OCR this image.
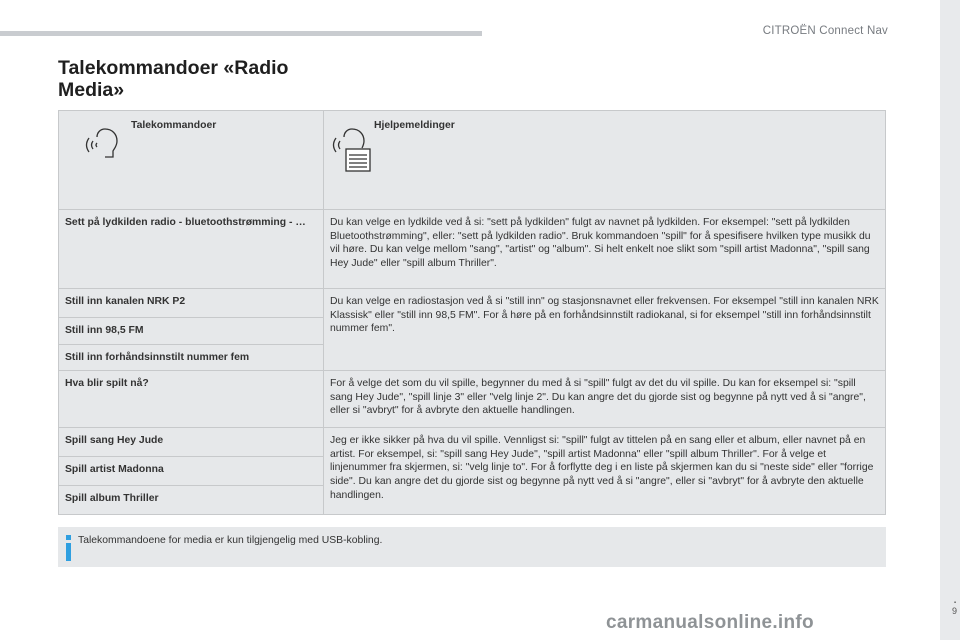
CITROËN Connect Nav
Talekommandoer «Radio Media»
Talekommandoer	Hjelpemeldinger

Sett på lydkilden radio - bluetoothstrømming - …	Du kan velge en lydkilde ved å si: "sett på lydkilden" fulgt av navnet på lydkilden. For eksempel: "sett på lydkilden Bluetoothstrømming", eller: "sett på lydkilden radio". Bruk kommandoen "spill" for å spesifisere hvilken type musikk du vil høre. Du kan velge mellom "sang", "artist" og "album". Si helt enkelt noe slikt som "spill artist Madonna", "spill sang Hey Jude" eller "spill album Thriller".
Still inn kanalen NRK P2	Du kan velge en radiostasjon ved å si "still inn" og stasjonsnavnet eller frekvensen. For eksempel "still inn kanalen NRK Klassisk" eller "still inn 98,5 FM". For å høre på en forhåndsinnstilt radiokanal, si for eksempel "still inn forhåndsinnstilt nummer fem".
Still inn 98,5 FM	
Still inn forhåndsinnstilt nummer fem	
Hva blir spilt nå?	For å velge det som du vil spille, begynner du med å si "spill" fulgt av det du vil spille. Du kan for eksempel si: "spill sang Hey Jude", "spill linje 3" eller "velg linje 2". Du kan angre det du gjorde sist og begynne på nytt ved å si "angre", eller si "avbryt" for å avbryte den aktuelle handlingen.
Spill sang Hey Jude	Jeg er ikke sikker på hva du vil spille. Vennligst si: "spill" fulgt av tittelen på en sang eller et album, eller navnet på en artist. For eksempel, si: "spill sang Hey Jude", "spill artist Madonna" eller "spill album Thriller". For å velge et linjenummer fra skjermen, si: "velg linje to". For å forflytte deg i en liste på skjermen kan du si "neste side" eller "forrige side". Du kan angre det du gjorde sist og begynne på nytt ved å si "angre", eller si "avbryt" for å avbryte den aktuelle handlingen.
Spill artist Madonna	
Spill album Thriller	
Talekommandoene for media er kun tilgjengelig med USB-kobling.
carmanualsonline.info
.
9
